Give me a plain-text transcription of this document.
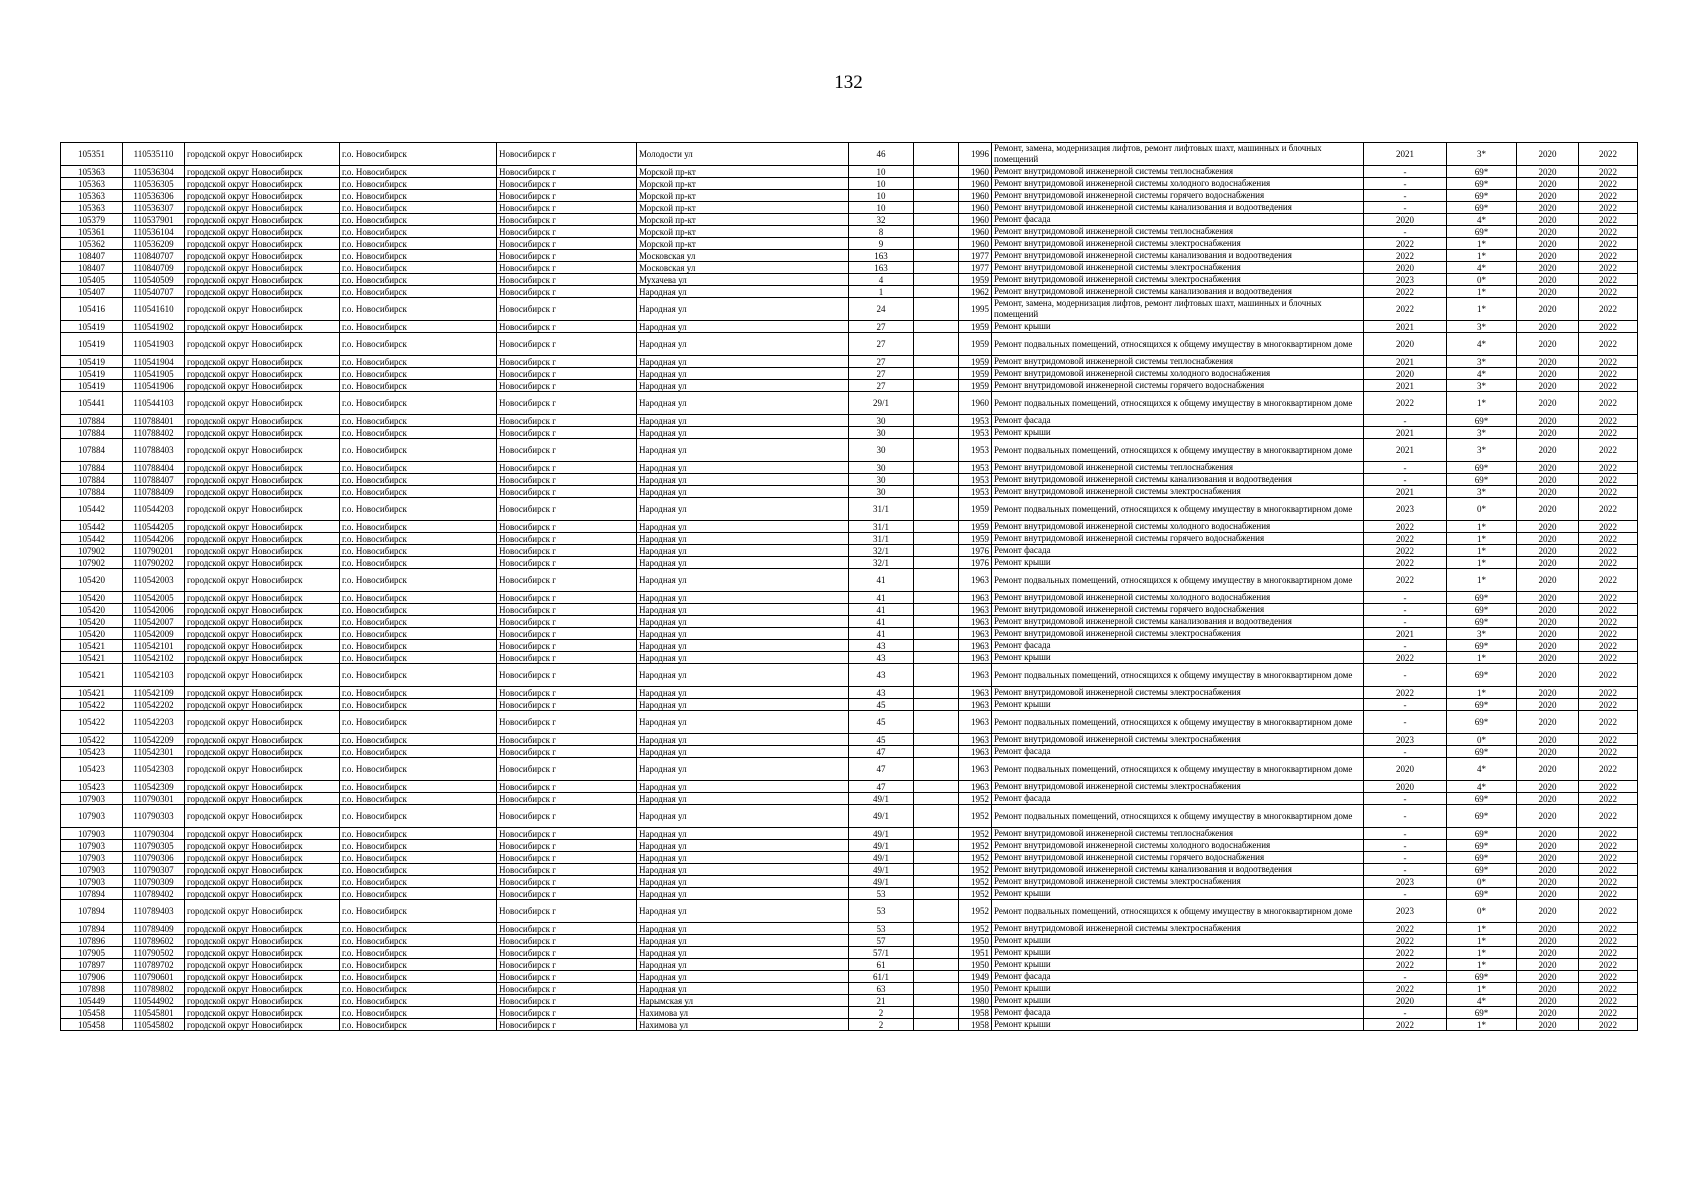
132
105351	110535110	городской округ Новосибирск	г.о. Новосибирск	Новосибирск г	Молодости ул	46		1996	Ремонт, замена, модернизация лифтов, ремонт лифтовых шахт, машинных и блочных помещений	2021	3*	2020	2022
105363	110536304	городской округ Новосибирск	г.о. Новосибирск	Новосибирск г	Морской пр-кт	10		1960	Ремонт внутридомовой инженерной системы теплоснабжения	-	69*	2020	2022
105363	110536305	городской округ Новосибирск	г.о. Новосибирск	Новосибирск г	Морской пр-кт	10		1960	Ремонт внутридомовой инженерной системы холодного водоснабжения	-	69*	2020	2022
105363	110536306	городской округ Новосибирск	г.о. Новосибирск	Новосибирск г	Морской пр-кт	10		1960	Ремонт внутридомовой инженерной системы горячего водоснабжения	-	69*	2020	2022
105363	110536307	городской округ Новосибирск	г.о. Новосибирск	Новосибирск г	Морской пр-кт	10		1960	Ремонт внутридомовой инженерной системы канализования и водоотведения	-	69*	2020	2022
105379	110537901	городской округ Новосибирск	г.о. Новосибирск	Новосибирск г	Морской пр-кт	32		1960	Ремонт фасада	2020	4*	2020	2022
105361	110536104	городской округ Новосибирск	г.о. Новосибирск	Новосибирск г	Морской пр-кт	8		1960	Ремонт внутридомовой инженерной системы теплоснабжения	-	69*	2020	2022
105362	110536209	городской округ Новосибирск	г.о. Новосибирск	Новосибирск г	Морской пр-кт	9		1960	Ремонт внутридомовой инженерной системы электроснабжения	2022	1*	2020	2022
108407	110840707	городской округ Новосибирск	г.о. Новосибирск	Новосибирск г	Московская ул	163		1977	Ремонт внутридомовой инженерной системы канализования и водоотведения	2022	1*	2020	2022
108407	110840709	городской округ Новосибирск	г.о. Новосибирск	Новосибирск г	Московская ул	163		1977	Ремонт внутридомовой инженерной системы электроснабжения	2020	4*	2020	2022
105405	110540509	городской округ Новосибирск	г.о. Новосибирск	Новосибирск г	Мухачева ул	4		1959	Ремонт внутридомовой инженерной системы электроснабжения	2023	0*	2020	2022
105407	110540707	городской округ Новосибирск	г.о. Новосибирск	Новосибирск г	Народная ул	1		1962	Ремонт внутридомовой инженерной системы канализования и водоотведения	2022	1*	2020	2022
105416	110541610	городской округ Новосибирск	г.о. Новосибирск	Новосибирск г	Народная ул	24		1995	Ремонт, замена, модернизация лифтов, ремонт лифтовых шахт, машинных и блочных помещений	2022	1*	2020	2022
105419	110541902	городской округ Новосибирск	г.о. Новосибирск	Новосибирск г	Народная ул	27		1959	Ремонт крыши	2021	3*	2020	2022
105419	110541903	городской округ Новосибирск	г.о. Новосибирск	Новосибирск г	Народная ул	27		1959	Ремонт подвальных помещений, относящихся к общему имуществу в многоквартирном доме	2020	4*	2020	2022
105419	110541904	городской округ Новосибирск	г.о. Новосибирск	Новосибирск г	Народная ул	27		1959	Ремонт внутридомовой инженерной системы теплоснабжения	2021	3*	2020	2022
105419	110541905	городской округ Новосибирск	г.о. Новосибирск	Новосибирск г	Народная ул	27		1959	Ремонт внутридомовой инженерной системы холодного водоснабжения	2020	4*	2020	2022
105419	110541906	городской округ Новосибирск	г.о. Новосибирск	Новосибирск г	Народная ул	27		1959	Ремонт внутридомовой инженерной системы горячего водоснабжения	2021	3*	2020	2022
105441	110544103	городской округ Новосибирск	г.о. Новосибирск	Новосибирск г	Народная ул	29/1		1960	Ремонт подвальных помещений, относящихся к общему имуществу в многоквартирном доме	2022	1*	2020	2022
107884	110788401	городской округ Новосибирск	г.о. Новосибирск	Новосибирск г	Народная ул	30		1953	Ремонт фасада	-	69*	2020	2022
107884	110788402	городской округ Новосибирск	г.о. Новосибирск	Новосибирск г	Народная ул	30		1953	Ремонт крыши	2021	3*	2020	2022
107884	110788403	городской округ Новосибирск	г.о. Новосибирск	Новосибирск г	Народная ул	30		1953	Ремонт подвальных помещений, относящихся к общему имуществу в многоквартирном доме	2021	3*	2020	2022
107884	110788404	городской округ Новосибирск	г.о. Новосибирск	Новосибирск г	Народная ул	30		1953	Ремонт внутридомовой инженерной системы теплоснабжения	-	69*	2020	2022
107884	110788407	городской округ Новосибирск	г.о. Новосибирск	Новосибирск г	Народная ул	30		1953	Ремонт внутридомовой инженерной системы канализования и водоотведения	-	69*	2020	2022
107884	110788409	городской округ Новосибирск	г.о. Новосибирск	Новосибирск г	Народная ул	30		1953	Ремонт внутридомовой инженерной системы электроснабжения	2021	3*	2020	2022
105442	110544203	городской округ Новосибирск	г.о. Новосибирск	Новосибирск г	Народная ул	31/1		1959	Ремонт подвальных помещений, относящихся к общему имуществу в многоквартирном доме	2023	0*	2020	2022
105442	110544205	городской округ Новосибирск	г.о. Новосибирск	Новосибирск г	Народная ул	31/1		1959	Ремонт внутридомовой инженерной системы холодного водоснабжения	2022	1*	2020	2022
105442	110544206	городской округ Новосибирск	г.о. Новосибирск	Новосибирск г	Народная ул	31/1		1959	Ремонт внутридомовой инженерной системы горячего водоснабжения	2022	1*	2020	2022
107902	110790201	городской округ Новосибирск	г.о. Новосибирск	Новосибирск г	Народная ул	32/1		1976	Ремонт фасада	2022	1*	2020	2022
107902	110790202	городской округ Новосибирск	г.о. Новосибирск	Новосибирск г	Народная ул	32/1		1976	Ремонт крыши	2022	1*	2020	2022
105420	110542003	городской округ Новосибирск	г.о. Новосибирск	Новосибирск г	Народная ул	41		1963	Ремонт подвальных помещений, относящихся к общему имуществу в многоквартирном доме	2022	1*	2020	2022
105420	110542005	городской округ Новосибирск	г.о. Новосибирск	Новосибирск г	Народная ул	41		1963	Ремонт внутридомовой инженерной системы холодного водоснабжения	-	69*	2020	2022
105420	110542006	городской округ Новосибирск	г.о. Новосибирск	Новосибирск г	Народная ул	41		1963	Ремонт внутридомовой инженерной системы горячего водоснабжения	-	69*	2020	2022
105420	110542007	городской округ Новосибирск	г.о. Новосибирск	Новосибирск г	Народная ул	41		1963	Ремонт внутридомовой инженерной системы канализования и водоотведения	-	69*	2020	2022
105420	110542009	городской округ Новосибирск	г.о. Новосибирск	Новосибирск г	Народная ул	41		1963	Ремонт внутридомовой инженерной системы электроснабжения	2021	3*	2020	2022
105421	110542101	городской округ Новосибирск	г.о. Новосибирск	Новосибирск г	Народная ул	43		1963	Ремонт фасада	-	69*	2020	2022
105421	110542102	городской округ Новосибирск	г.о. Новосибирск	Новосибирск г	Народная ул	43		1963	Ремонт крыши	2022	1*	2020	2022
105421	110542103	городской округ Новосибирск	г.о. Новосибирск	Новосибирск г	Народная ул	43		1963	Ремонт подвальных помещений, относящихся к общему имуществу в многоквартирном доме	-	69*	2020	2022
105421	110542109	городской округ Новосибирск	г.о. Новосибирск	Новосибирск г	Народная ул	43		1963	Ремонт внутридомовой инженерной системы электроснабжения	2022	1*	2020	2022
105422	110542202	городской округ Новосибирск	г.о. Новосибирск	Новосибирск г	Народная ул	45		1963	Ремонт крыши	-	69*	2020	2022
105422	110542203	городской округ Новосибирск	г.о. Новосибирск	Новосибирск г	Народная ул	45		1963	Ремонт подвальных помещений, относящихся к общему имуществу в многоквартирном доме	-	69*	2020	2022
105422	110542209	городской округ Новосибирск	г.о. Новосибирск	Новосибирск г	Народная ул	45		1963	Ремонт внутридомовой инженерной системы электроснабжения	2023	0*	2020	2022
105423	110542301	городской округ Новосибирск	г.о. Новосибирск	Новосибирск г	Народная ул	47		1963	Ремонт фасада	-	69*	2020	2022
105423	110542303	городской округ Новосибирск	г.о. Новосибирск	Новосибирск г	Народная ул	47		1963	Ремонт подвальных помещений, относящихся к общему имуществу в многоквартирном доме	2020	4*	2020	2022
105423	110542309	городской округ Новосибирск	г.о. Новосибирск	Новосибирск г	Народная ул	47		1963	Ремонт внутридомовой инженерной системы электроснабжения	2020	4*	2020	2022
107903	110790301	городской округ Новосибирск	г.о. Новосибирск	Новосибирск г	Народная ул	49/1		1952	Ремонт фасада	-	69*	2020	2022
107903	110790303	городской округ Новосибирск	г.о. Новосибирск	Новосибирск г	Народная ул	49/1		1952	Ремонт подвальных помещений, относящихся к общему имуществу в многоквартирном доме	-	69*	2020	2022
107903	110790304	городской округ Новосибирск	г.о. Новосибирск	Новосибирск г	Народная ул	49/1		1952	Ремонт внутридомовой инженерной системы теплоснабжения	-	69*	2020	2022
107903	110790305	городской округ Новосибирск	г.о. Новосибирск	Новосибирск г	Народная ул	49/1		1952	Ремонт внутридомовой инженерной системы холодного водоснабжения	-	69*	2020	2022
107903	110790306	городской округ Новосибирск	г.о. Новосибирск	Новосибирск г	Народная ул	49/1		1952	Ремонт внутридомовой инженерной системы горячего водоснабжения	-	69*	2020	2022
107903	110790307	городской округ Новосибирск	г.о. Новосибирск	Новосибирск г	Народная ул	49/1		1952	Ремонт внутридомовой инженерной системы канализования и водоотведения	-	69*	2020	2022
107903	110790309	городской округ Новосибирск	г.о. Новосибирск	Новосибирск г	Народная ул	49/1		1952	Ремонт внутридомовой инженерной системы электроснабжения	2023	0*	2020	2022
107894	110789402	городской округ Новосибирск	г.о. Новосибирск	Новосибирск г	Народная ул	53		1952	Ремонт крыши	-	69*	2020	2022
107894	110789403	городской округ Новосибирск	г.о. Новосибирск	Новосибирск г	Народная ул	53		1952	Ремонт подвальных помещений, относящихся к общему имуществу в многоквартирном доме	2023	0*	2020	2022
107894	110789409	городской округ Новосибирск	г.о. Новосибирск	Новосибирск г	Народная ул	53		1952	Ремонт внутридомовой инженерной системы электроснабжения	2022	1*	2020	2022
107896	110789602	городской округ Новосибирск	г.о. Новосибирск	Новосибирск г	Народная ул	57		1950	Ремонт крыши	2022	1*	2020	2022
107905	110790502	городской округ Новосибирск	г.о. Новосибирск	Новосибирск г	Народная ул	57/1		1951	Ремонт крыши	2022	1*	2020	2022
107897	110789702	городской округ Новосибирск	г.о. Новосибирск	Новосибирск г	Народная ул	61		1950	Ремонт крыши	2022	1*	2020	2022
107906	110790601	городской округ Новосибирск	г.о. Новосибирск	Новосибирск г	Народная ул	61/1		1949	Ремонт фасада	-	69*	2020	2022
107898	110789802	городской округ Новосибирск	г.о. Новосибирск	Новосибирск г	Народная ул	63		1950	Ремонт крыши	2022	1*	2020	2022
105449	110544902	городской округ Новосибирск	г.о. Новосибирск	Новосибирск г	Нарымская ул	21		1980	Ремонт крыши	2020	4*	2020	2022
105458	110545801	городской округ Новосибирск	г.о. Новосибирск	Новосибирск г	Нахимова ул	2		1958	Ремонт фасада	-	69*	2020	2022
105458	110545802	городской округ Новосибирск	г.о. Новосибирск	Новосибирск г	Нахимова ул	2		1958	Ремонт крыши	2022	1*	2020	2022
